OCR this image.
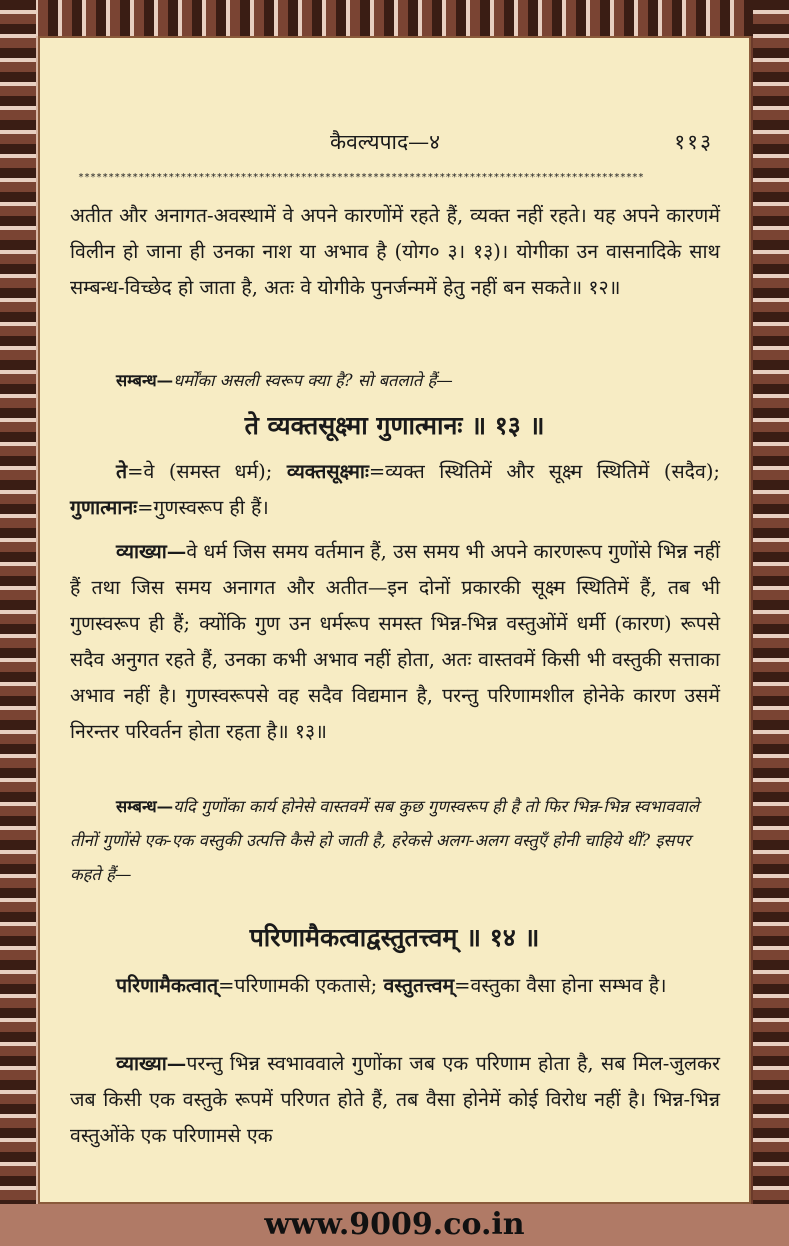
कैवल्यपाद—४	११३
**********************************************************************************************

अतीत और अनागत-अवस्थामें वे अपने कारणोंमें रहते हैं, व्यक्त नहीं रहते। यह अपने कारणमें विलीन हो जाना ही उनका नाश या अभाव है (योग० ३। १३)। योगीका उन वासनादिके साथ सम्बन्ध-विच्छेद हो जाता है, अतः वे योगीके पुनर्जन्ममें हेतु नहीं बन सकते॥ १२॥

सम्बन्ध—धर्मोंका असली स्वरूप क्या है? सो बतलाते हैं—

ते व्यक्तसूक्ष्मा गुणात्मानः ॥ १३ ॥

ते=वे (समस्त धर्म); व्यक्तसूक्ष्माः=व्यक्त स्थितिमें और सूक्ष्म स्थितिमें (सदैव); गुणात्मानः=गुणस्वरूप ही हैं।

व्याख्या—वे धर्म जिस समय वर्तमान हैं, उस समय भी अपने कारणरूप गुणोंसे भिन्न नहीं हैं तथा जिस समय अनागत और अतीत—इन दोनों प्रकारकी सूक्ष्म स्थितिमें हैं, तब भी गुणस्वरूप ही हैं; क्योंकि गुण उन धर्मरूप समस्त भिन्न-भिन्न वस्तुओंमें धर्मी (कारण) रूपसे सदैव अनुगत रहते हैं, उनका कभी अभाव नहीं होता, अतः वास्तवमें किसी भी वस्तुकी सत्ताका अभाव नहीं है। गुणस्वरूपसे वह सदैव विद्यमान है, परन्तु परिणामशील होनेके कारण उसमें निरन्तर परिवर्तन होता रहता है॥ १३॥

सम्बन्ध—यदि गुणोंका कार्य होनेसे वास्तवमें सब कुछ गुणस्वरूप ही है तो फिर भिन्न-भिन्न स्वभाववाले तीनों गुणोंसे एक-एक वस्तुकी उत्पत्ति कैसे हो जाती है, हरेकसे अलग-अलग वस्तुएँ होनी चाहिये थीं? इसपर कहते हैं—

परिणामैकत्वाद्वस्तुतत्त्वम् ॥ १४ ॥

परिणामैकत्वात्=परिणामकी एकतासे; वस्तुतत्त्वम्=वस्तुका वैसा होना सम्भव है।

व्याख्या—परन्तु भिन्न स्वभाववाले गुणोंका जब एक परिणाम होता है, सब मिल-जुलकर जब किसी एक वस्तुके रूपमें परिणत होते हैं, तब वैसा होनेमें कोई विरोध नहीं है। भिन्न-भिन्न वस्तुओंके एक परिणामसे एक

www.9009.co.in
